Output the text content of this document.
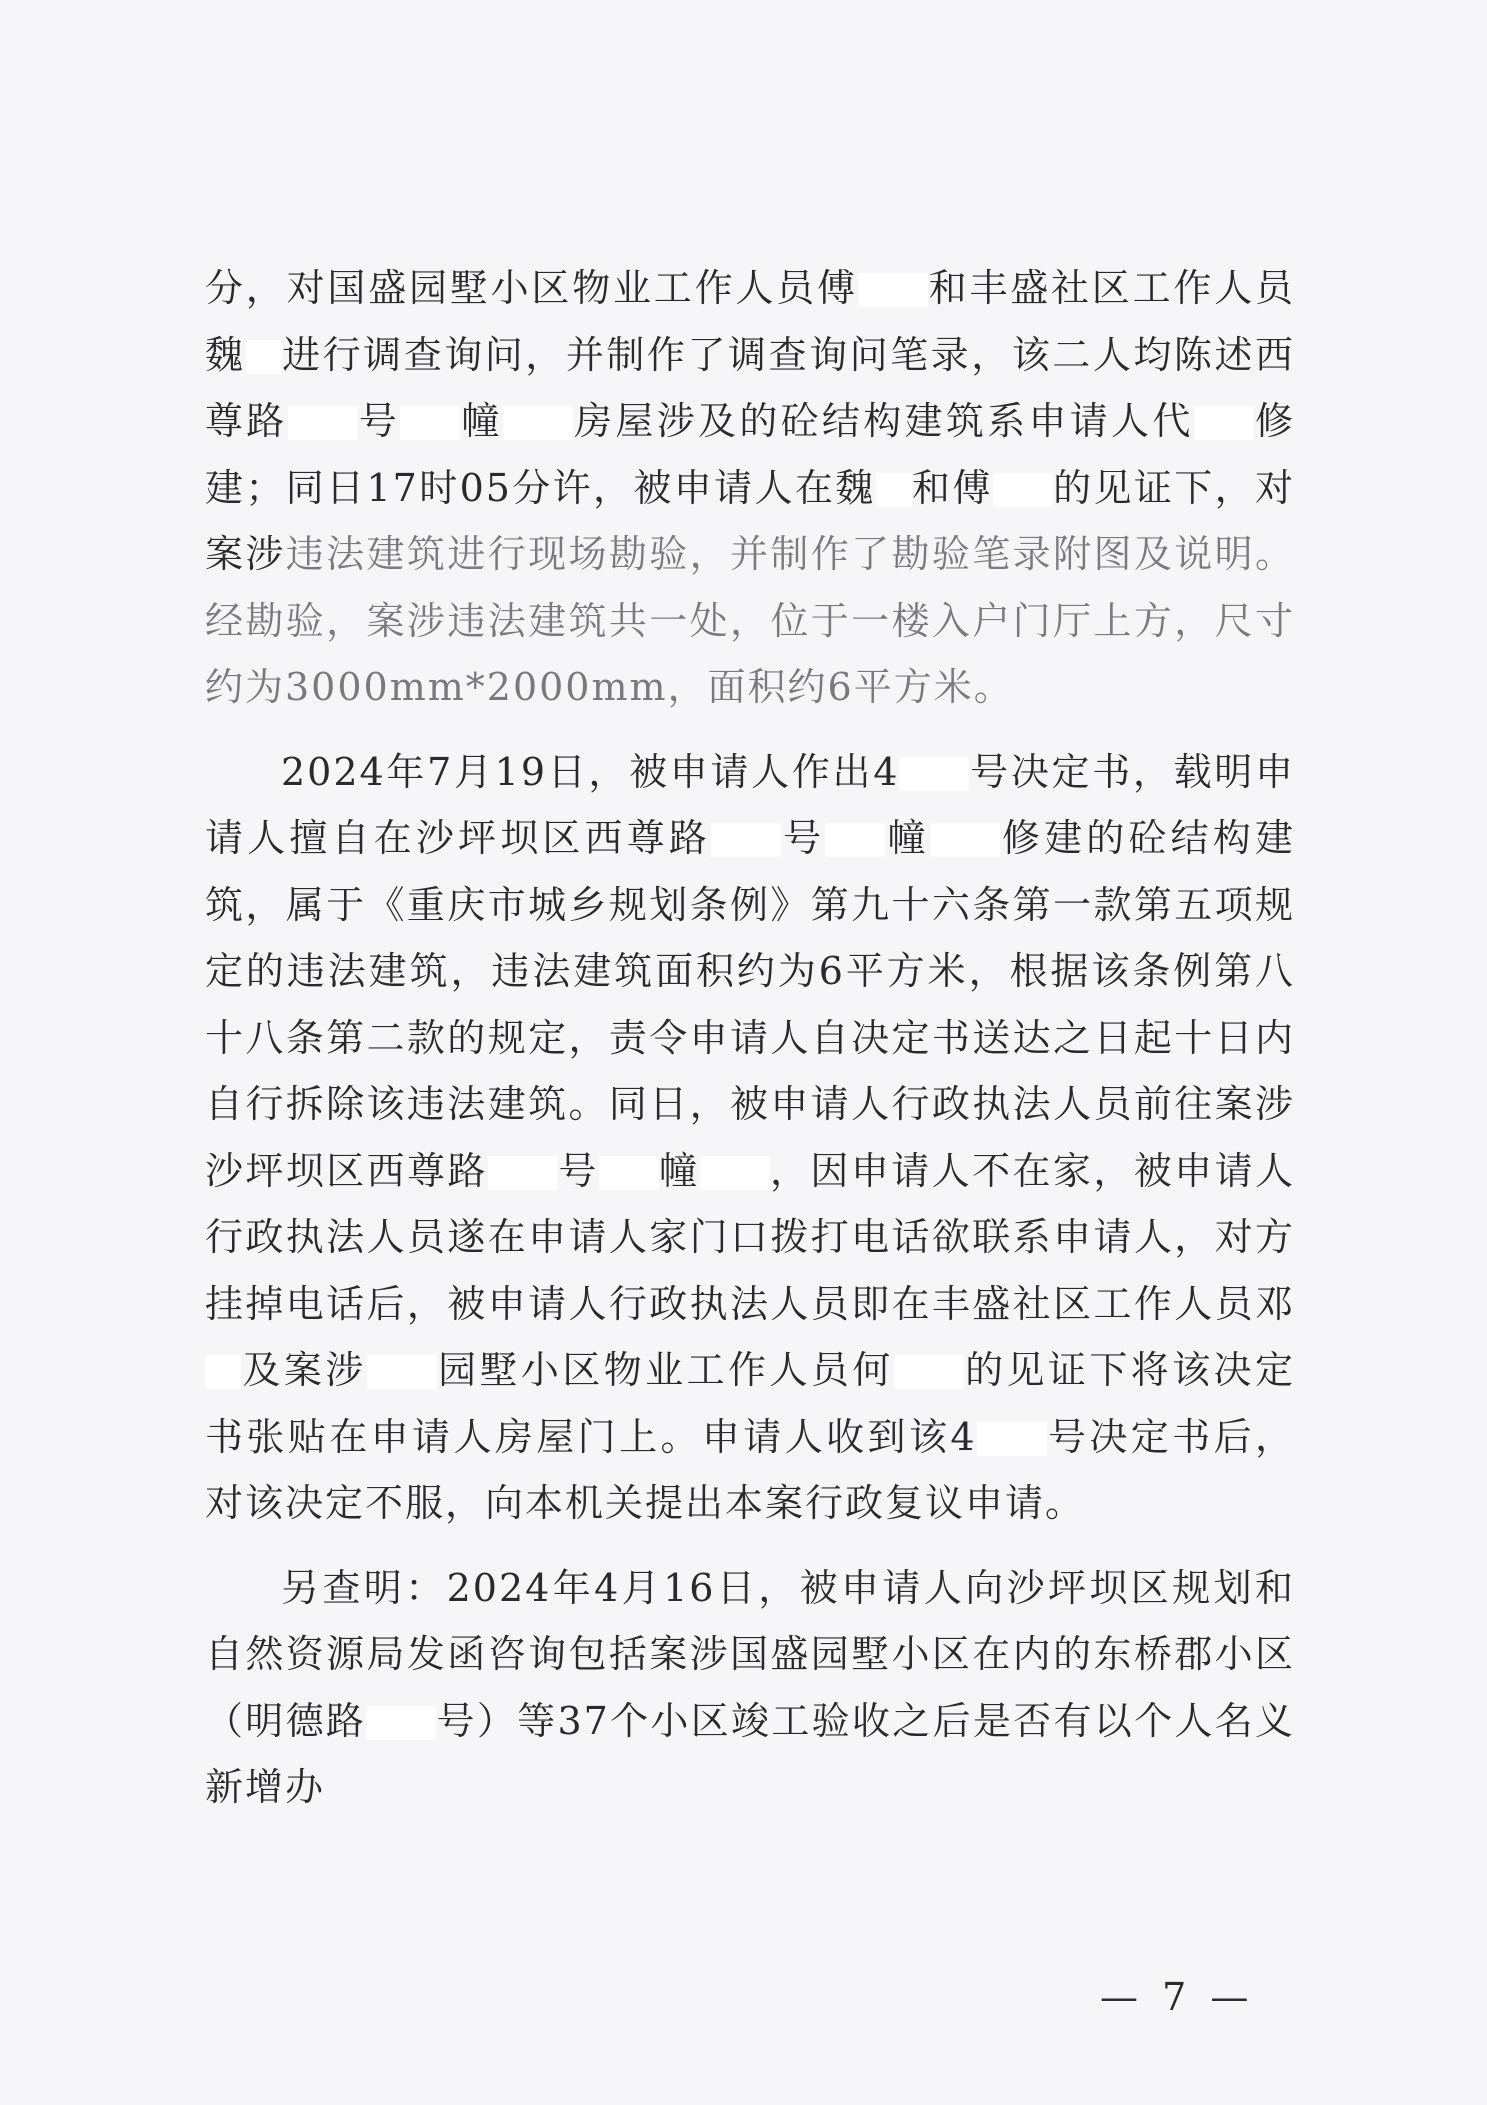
分，对国盛园墅小区物业工作人员傅 和丰盛社区工作人员魏 进行调查询问，并制作了调查询问笔录，该二人均陈述西尊路 号 幢 房屋涉及的砼结构建筑系申请人代 修建；同日17时05分许，被申请人在魏 和傅 的见证下，对案涉违法建筑进行现场勘验，并制作了勘验笔录附图及说明。经勘验，案涉违法建筑共一处，位于一楼入户门厅上方，尺寸约为3000mm*2000mm，面积约6平方米。

2024年7月19日，被申请人作出4 号决定书，载明申请人擅自在沙坪坝区西尊路 号 幢 修建的砼结构建筑，属于《重庆市城乡规划条例》第九十六条第一款第五项规定的违法建筑，违法建筑面积约为6平方米，根据该条例第八十八条第二款的规定，责令申请人自决定书送达之日起十日内自行拆除该违法建筑。同日，被申请人行政执法人员前往案涉沙坪坝区西尊路 号 幢 ，因申请人不在家，被申请人行政执法人员遂在申请人家门口拨打电话欲联系申请人，对方挂掉电话后，被申请人行政执法人员即在丰盛社区工作人员邓及案涉 园墅小区物业工作人员何 的见证下将该决定书张贴在申请人房屋门上。申请人收到该4 号决定书后，对该决定不服，向本机关提出本案行政复议申请。

另查明：2024年4月16日，被申请人向沙坪坝区规划和自然资源局发函咨询包括案涉国盛园墅小区在内的东桥郡小区（明德路 号）等37个小区竣工验收之后是否有以个人名义新增办

— 7 —
